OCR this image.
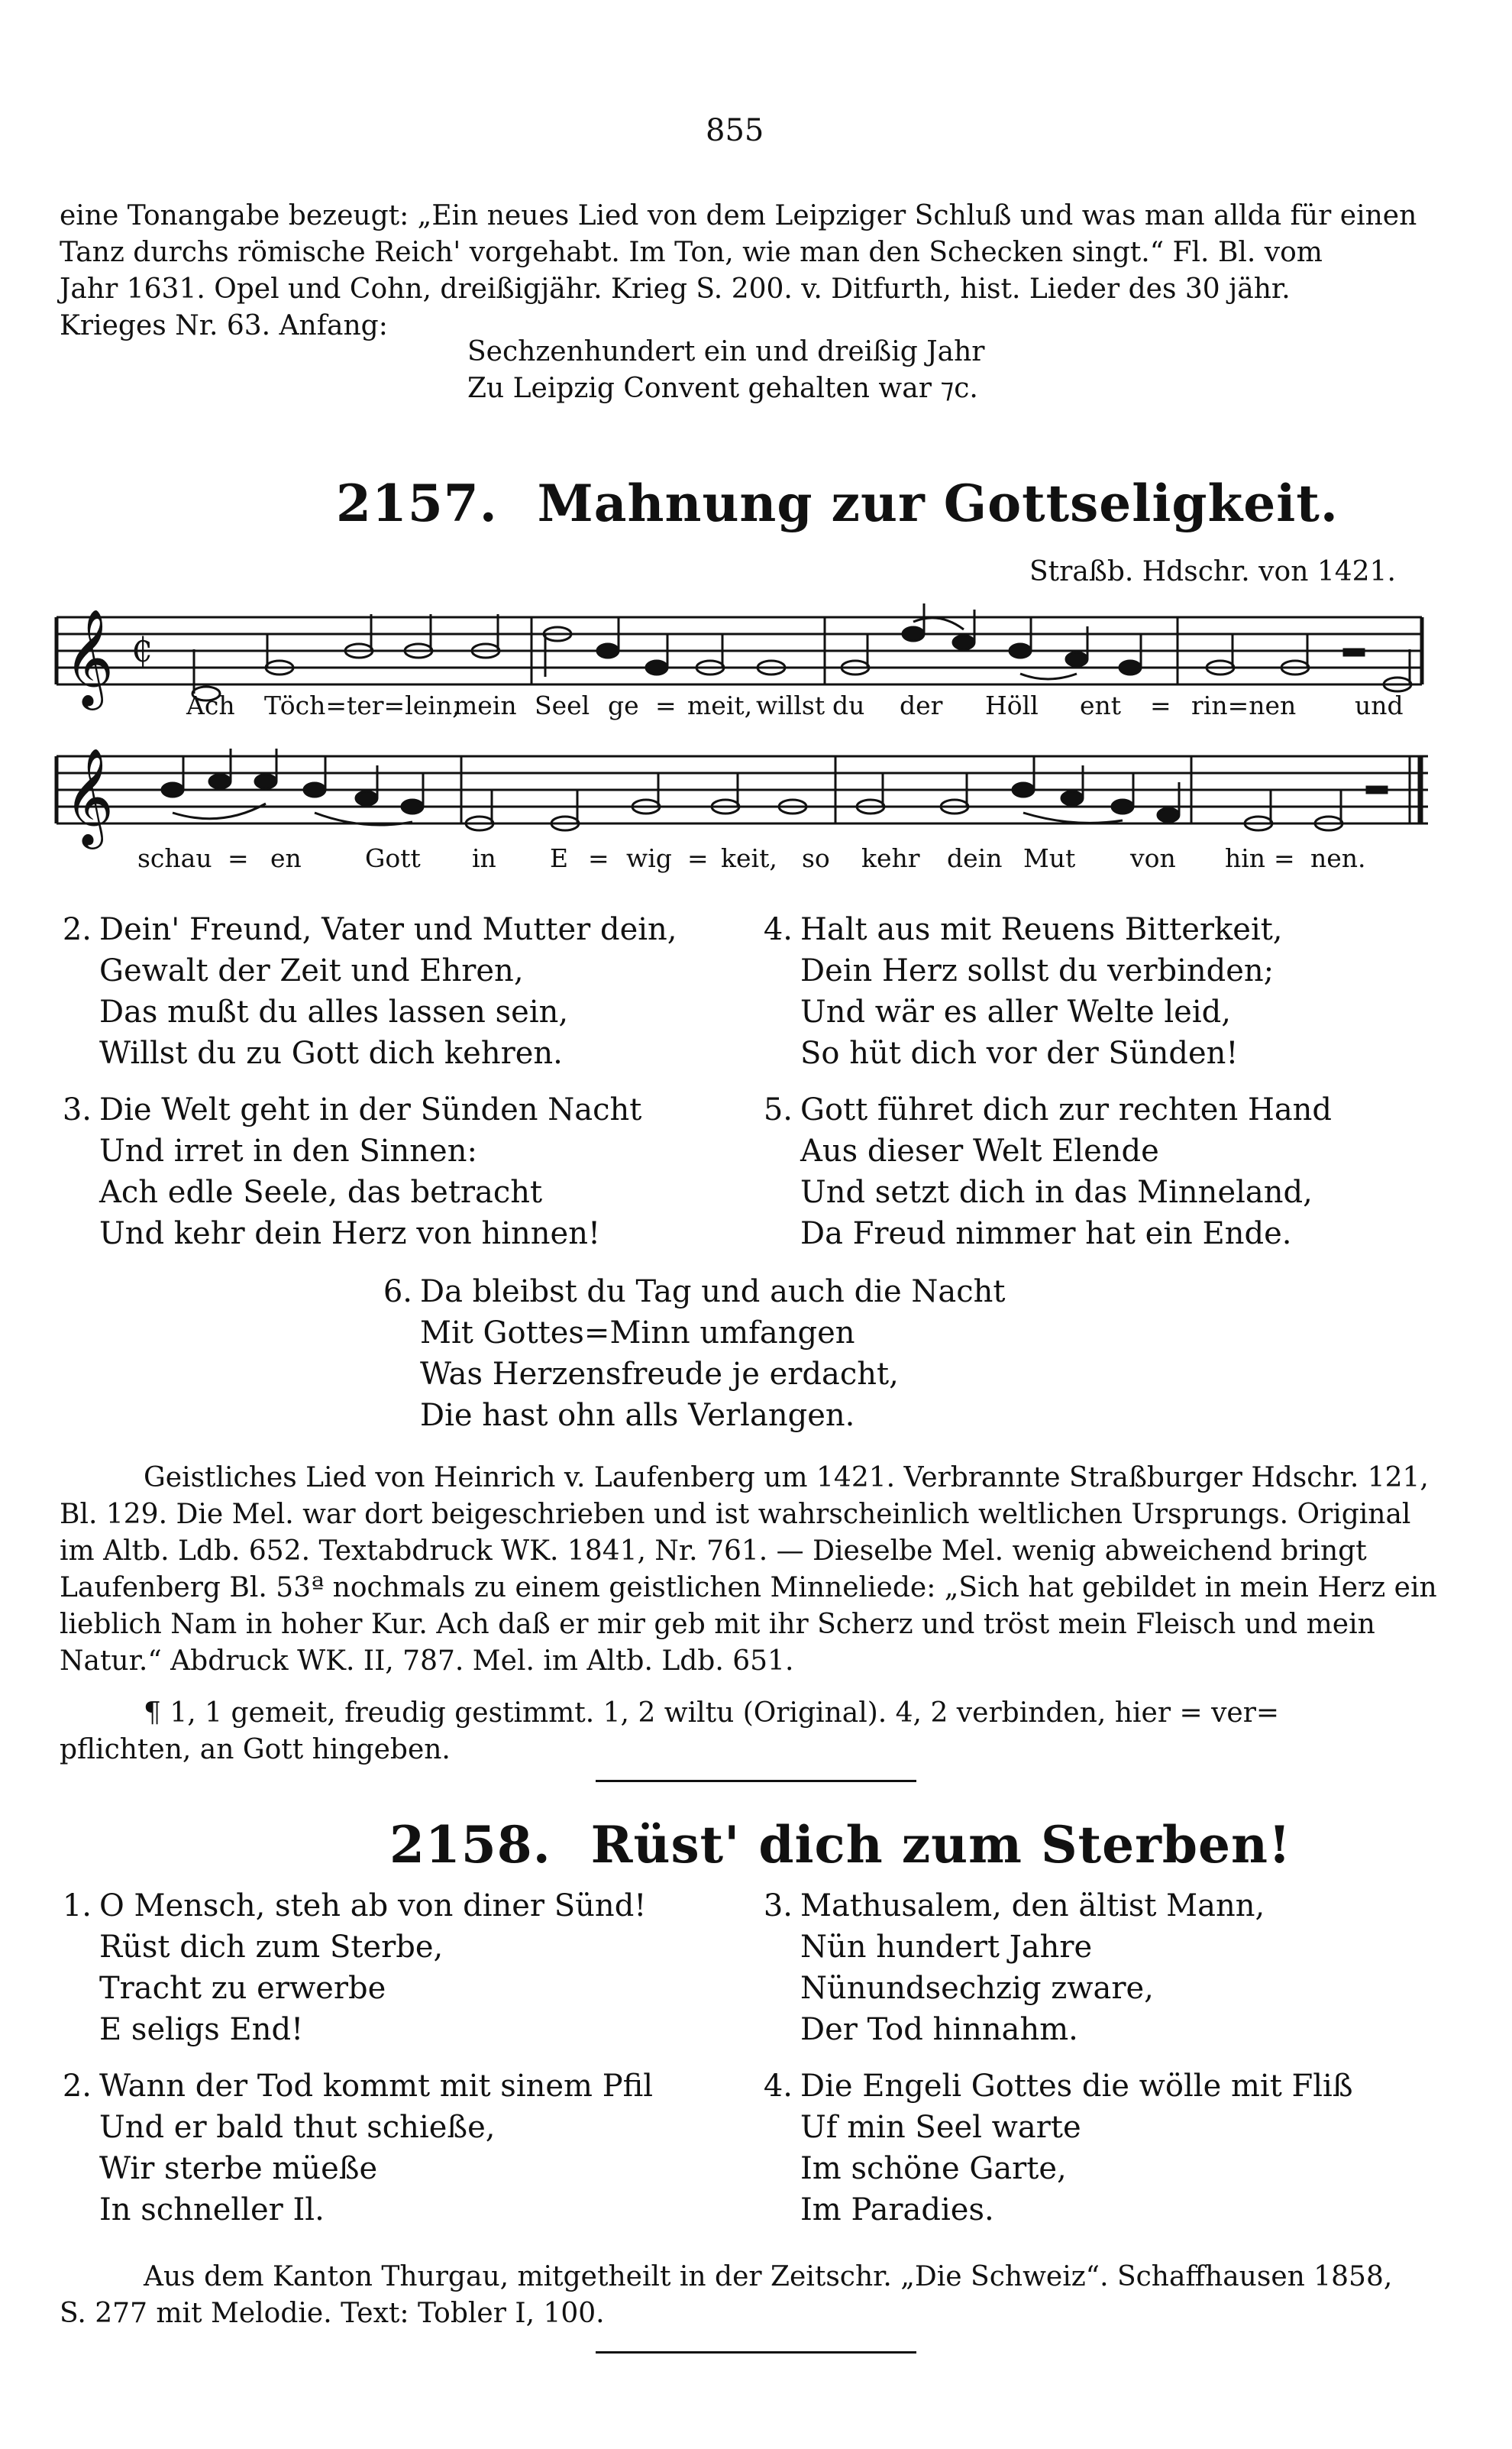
855
eine Tonangabe bezeugt: „Ein neues Lied von dem Leipziger Schluß und was man allda für einen
Tanz durchs römische Reich' vorgehabt. Im Ton, wie man den Schecken singt.“ Fl. Bl. vom
Jahr 1631. Opel und Cohn, dreißigjähr. Krieg S. 200. v. Ditfurth, hist. Lieder des 30 jähr.
Krieges Nr. 63. Anfang:
Sechzenhundert ein und dreißig Jahr
Zu Leipzig Convent gehalten war ⁊c.
2157. Mahnung zur Gottseligkeit.
Straßb. Hdschr. von 1421.
𝄞 ₵
Ach Töch=ter=lein,
mein Seel ge = meit, willst du der Höll ent = rin=nen und
𝄞
schau = en	Gott in E = wig = keit, so kehr dein Mut von hin = nen.
2. Dein' Freund, Vater und Mutter dein,
Gewalt der Zeit und Ehren,
Das mußt du alles lassen sein,
Willst du zu Gott dich kehren.
4. Halt aus mit Reuens Bitterkeit,
Dein Herz sollst du verbinden;
Und wär es aller Welte leid,
So hüt dich vor der Sünden!
3. Die Welt geht in der Sünden Nacht
Und irret in den Sinnen:
Ach edle Seele, das betracht
Und kehr dein Herz von hinnen!
5. Gott führet dich zur rechten Hand
Aus dieser Welt Elende
Und setzt dich in das Minneland,
Da Freud nimmer hat ein Ende.
6. Da bleibst du Tag und auch die Nacht
Mit Gottes=Minn umfangen
Was Herzensfreude je erdacht,
Die hast ohn alls Verlangen.
Geistliches Lied von Heinrich v. Laufenberg um 1421. Verbrannte Straßburger Hdschr. 121,
Bl. 129. Die Mel. war dort beigeschrieben und ist wahrscheinlich weltlichen Ursprungs. Original
im Altb. Ldb. 652. Textabdruck WK. 1841, Nr. 761. — Dieselbe Mel. wenig abweichend bringt
Laufenberg Bl. 53ª nochmals zu einem geistlichen Minneliede: „Sich hat gebildet in mein Herz ein
lieblich Nam in hoher Kur. Ach daß er mir geb mit ihr Scherz und tröst mein Fleisch und mein
Natur.“ Abdruck WK. II, 787. Mel. im Altb. Ldb. 651.
¶ 1, 1 gemeit, freudig gestimmt. 1, 2 wiltu (Original). 4, 2 verbinden, hier = ver=
pflichten, an Gott hingeben.
2158. Rüst' dich zum Sterben!
1. O Mensch, steh ab von diner Sünd!
Rüst dich zum Sterbe,
Tracht zu erwerbe
E seligs End!
3. Mathusalem, den ältist Mann,
Nün hundert Jahre
Nünundsechzig zware,
Der Tod hinnahm.
2. Wann der Tod kommt mit sinem Pfil
Und er bald thut schieße,
Wir sterbe müeße
In schneller Il.
4. Die Engeli Gottes die wölle mit Fliß
Uf min Seel warte
Im schöne Garte,
Im Paradies.
Aus dem Kanton Thurgau, mitgetheilt in der Zeitschr. „Die Schweiz“. Schaffhausen 1858,
S. 277 mit Melodie. Text: Tobler I, 100.
